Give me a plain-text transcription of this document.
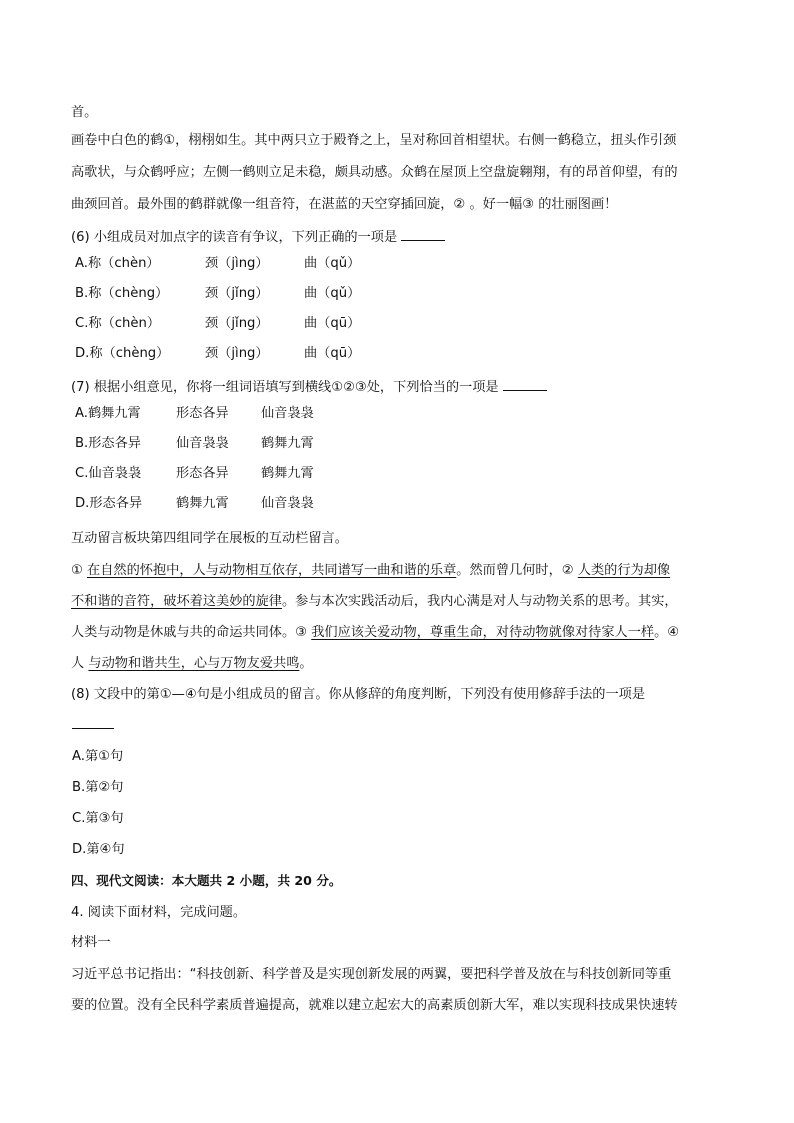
首。
画卷中白色的鹤①，栩栩如生。其中两只立于殿脊之上，呈对称回首相望状。右侧一鹤稳立，扭头作引颈
高歌状，与众鹤呼应；左侧一鹤则立足未稳，颇具动感。众鹤在屋顶上空盘旋翱翔，有的昂首仰望，有的
曲颈回首。最外围的鹤群就像一组音符，在湛蓝的天空穿插回旋，② 。好一幅③ 的壮丽图画！
(6) 小组成员对加点字的读音有争议，下列正确的一项是
A.称（chèn）	颈（jìng）	曲（qǔ）
B.称（chèng）	颈（jǐng）	曲（qǔ）
C.称（chèn）	颈（jǐng）	曲（qū）
D.称（chèng）	颈（jìng）	曲（qū）
(7) 根据小组意见，你将一组词语填写到横线①②③处，下列恰当的一项是
A.鹤舞九霄	形态各异 仙音袅袅
B.形态各异	仙音袅袅 鹤舞九霄
C.仙音袅袅	形态各异 鹤舞九霄
D.形态各异	鹤舞九霄 仙音袅袅
互动留言板块第四组同学在展板的互动栏留言。
① 在自然的怀抱中，人与动物相互依存，共同谱写一曲和谐的乐章。然而曾几何时，② 人类的行为却像
不和谐的音符，破坏着这美妙的旋律。参与本次实践活动后，我内心满是对人与动物关系的思考。其实，
人类与动物是休戚与共的命运共同体。③ 我们应该关爱动物，尊重生命，对待动物就像对待家人一样。④
人 与动物和谐共生，心与万物友爱共鸣。
(8) 文段中的第①—④句是小组成员的留言。你从修辞的角度判断，下列没有使用修辞手法的一项是
A.第①句
B.第②句
C.第③句
D.第④句
四、现代文阅读：本大题共 2 小题，共 20 分。
4. 阅读下面材料，完成问题。
材料一
习近平总书记指出：“科技创新、科学普及是实现创新发展的两翼，要把科学普及放在与科技创新同等重
要的位置。没有全民科学素质普遍提高，就难以建立起宏大的高素质创新大军，难以实现科技成果快速转
